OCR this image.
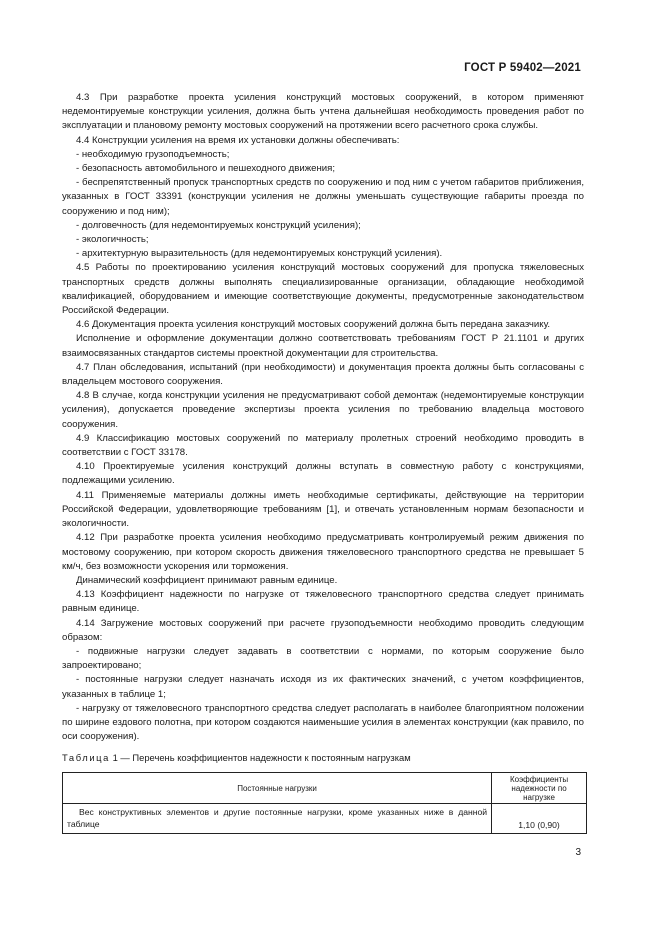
ГОСТ Р 59402—2021

4.3 При разработке проекта усиления конструкций мостовых сооружений, в котором применяют недемонтируемые конструкции усиления, должна быть учтена дальнейшая необходимость проведения работ по эксплуатации и плановому ремонту мостовых сооружений на протяжении всего расчетного срока службы.

4.4 Конструкции усиления на время их установки должны обеспечивать:

- необходимую грузоподъемность;

- безопасность автомобильного и пешеходного движения;

- беспрепятственный пропуск транспортных средств по сооружению и под ним с учетом габаритов приближения, указанных в ГОСТ 33391 (конструкции усиления не должны уменьшать существующие габариты проезда по сооружению и под ним);

- долговечность (для недемонтируемых конструкций усиления);

- экологичность;

- архитектурную выразительность (для недемонтируемых конструкций усиления).

4.5 Работы по проектированию усиления конструкций мостовых сооружений для пропуска тяжеловесных транспортных средств должны выполнять специализированные организации, обладающие необходимой квалификацией, оборудованием и имеющие соответствующие документы, предусмотренные законодательством Российской Федерации.

4.6 Документация проекта усиления конструкций мостовых сооружений должна быть передана заказчику.

Исполнение и оформление документации должно соответствовать требованиям ГОСТ Р 21.1101 и других взаимосвязанных стандартов системы проектной документации для строительства.

4.7 План обследования, испытаний (при необходимости) и документация проекта должны быть согласованы с владельцем мостового сооружения.

4.8 В случае, когда конструкции усиления не предусматривают собой демонтаж (недемонтируемые конструкции усиления), допускается проведение экспертизы проекта усиления по требованию владельца мостового сооружения.

4.9 Классификацию мостовых сооружений по материалу пролетных строений необходимо проводить в соответствии с ГОСТ 33178.

4.10 Проектируемые усиления конструкций должны вступать в совместную работу с конструкциями, подлежащими усилению.

4.11 Применяемые материалы должны иметь необходимые сертификаты, действующие на территории Российской Федерации, удовлетворяющие требованиям [1], и отвечать установленным нормам безопасности и экологичности.

4.12 При разработке проекта усиления необходимо предусматривать контролируемый режим движения по мостовому сооружению, при котором скорость движения тяжеловесного транспортного средства не превышает 5 км/ч, без возможности ускорения или торможения.

Динамический коэффициент принимают равным единице.

4.13 Коэффициент надежности по нагрузке от тяжеловесного транспортного средства следует принимать равным единице.

4.14 Загружение мостовых сооружений при расчете грузоподъемности необходимо проводить следующим образом:

- подвижные нагрузки следует задавать в соответствии с нормами, по которым сооружение было запроектировано;

- постоянные нагрузки следует назначать исходя из их фактических значений, с учетом коэффициентов, указанных в таблице 1;

- нагрузку от тяжеловесного транспортного средства следует располагать в наиболее благоприятном положении по ширине ездового полотна, при котором создаются наименьшие усилия в элементах конструкции (как правило, по оси сооружения).

Таблица 1 — Перечень коэффициентов надежности к постоянным нагрузкам
Постоянные нагрузки	Коэффициенты надежности по нагрузке
Вес конструктивных элементов и другие постоянные нагрузки, кроме указанных ниже в данной таблице	1,10 (0,90)
3
